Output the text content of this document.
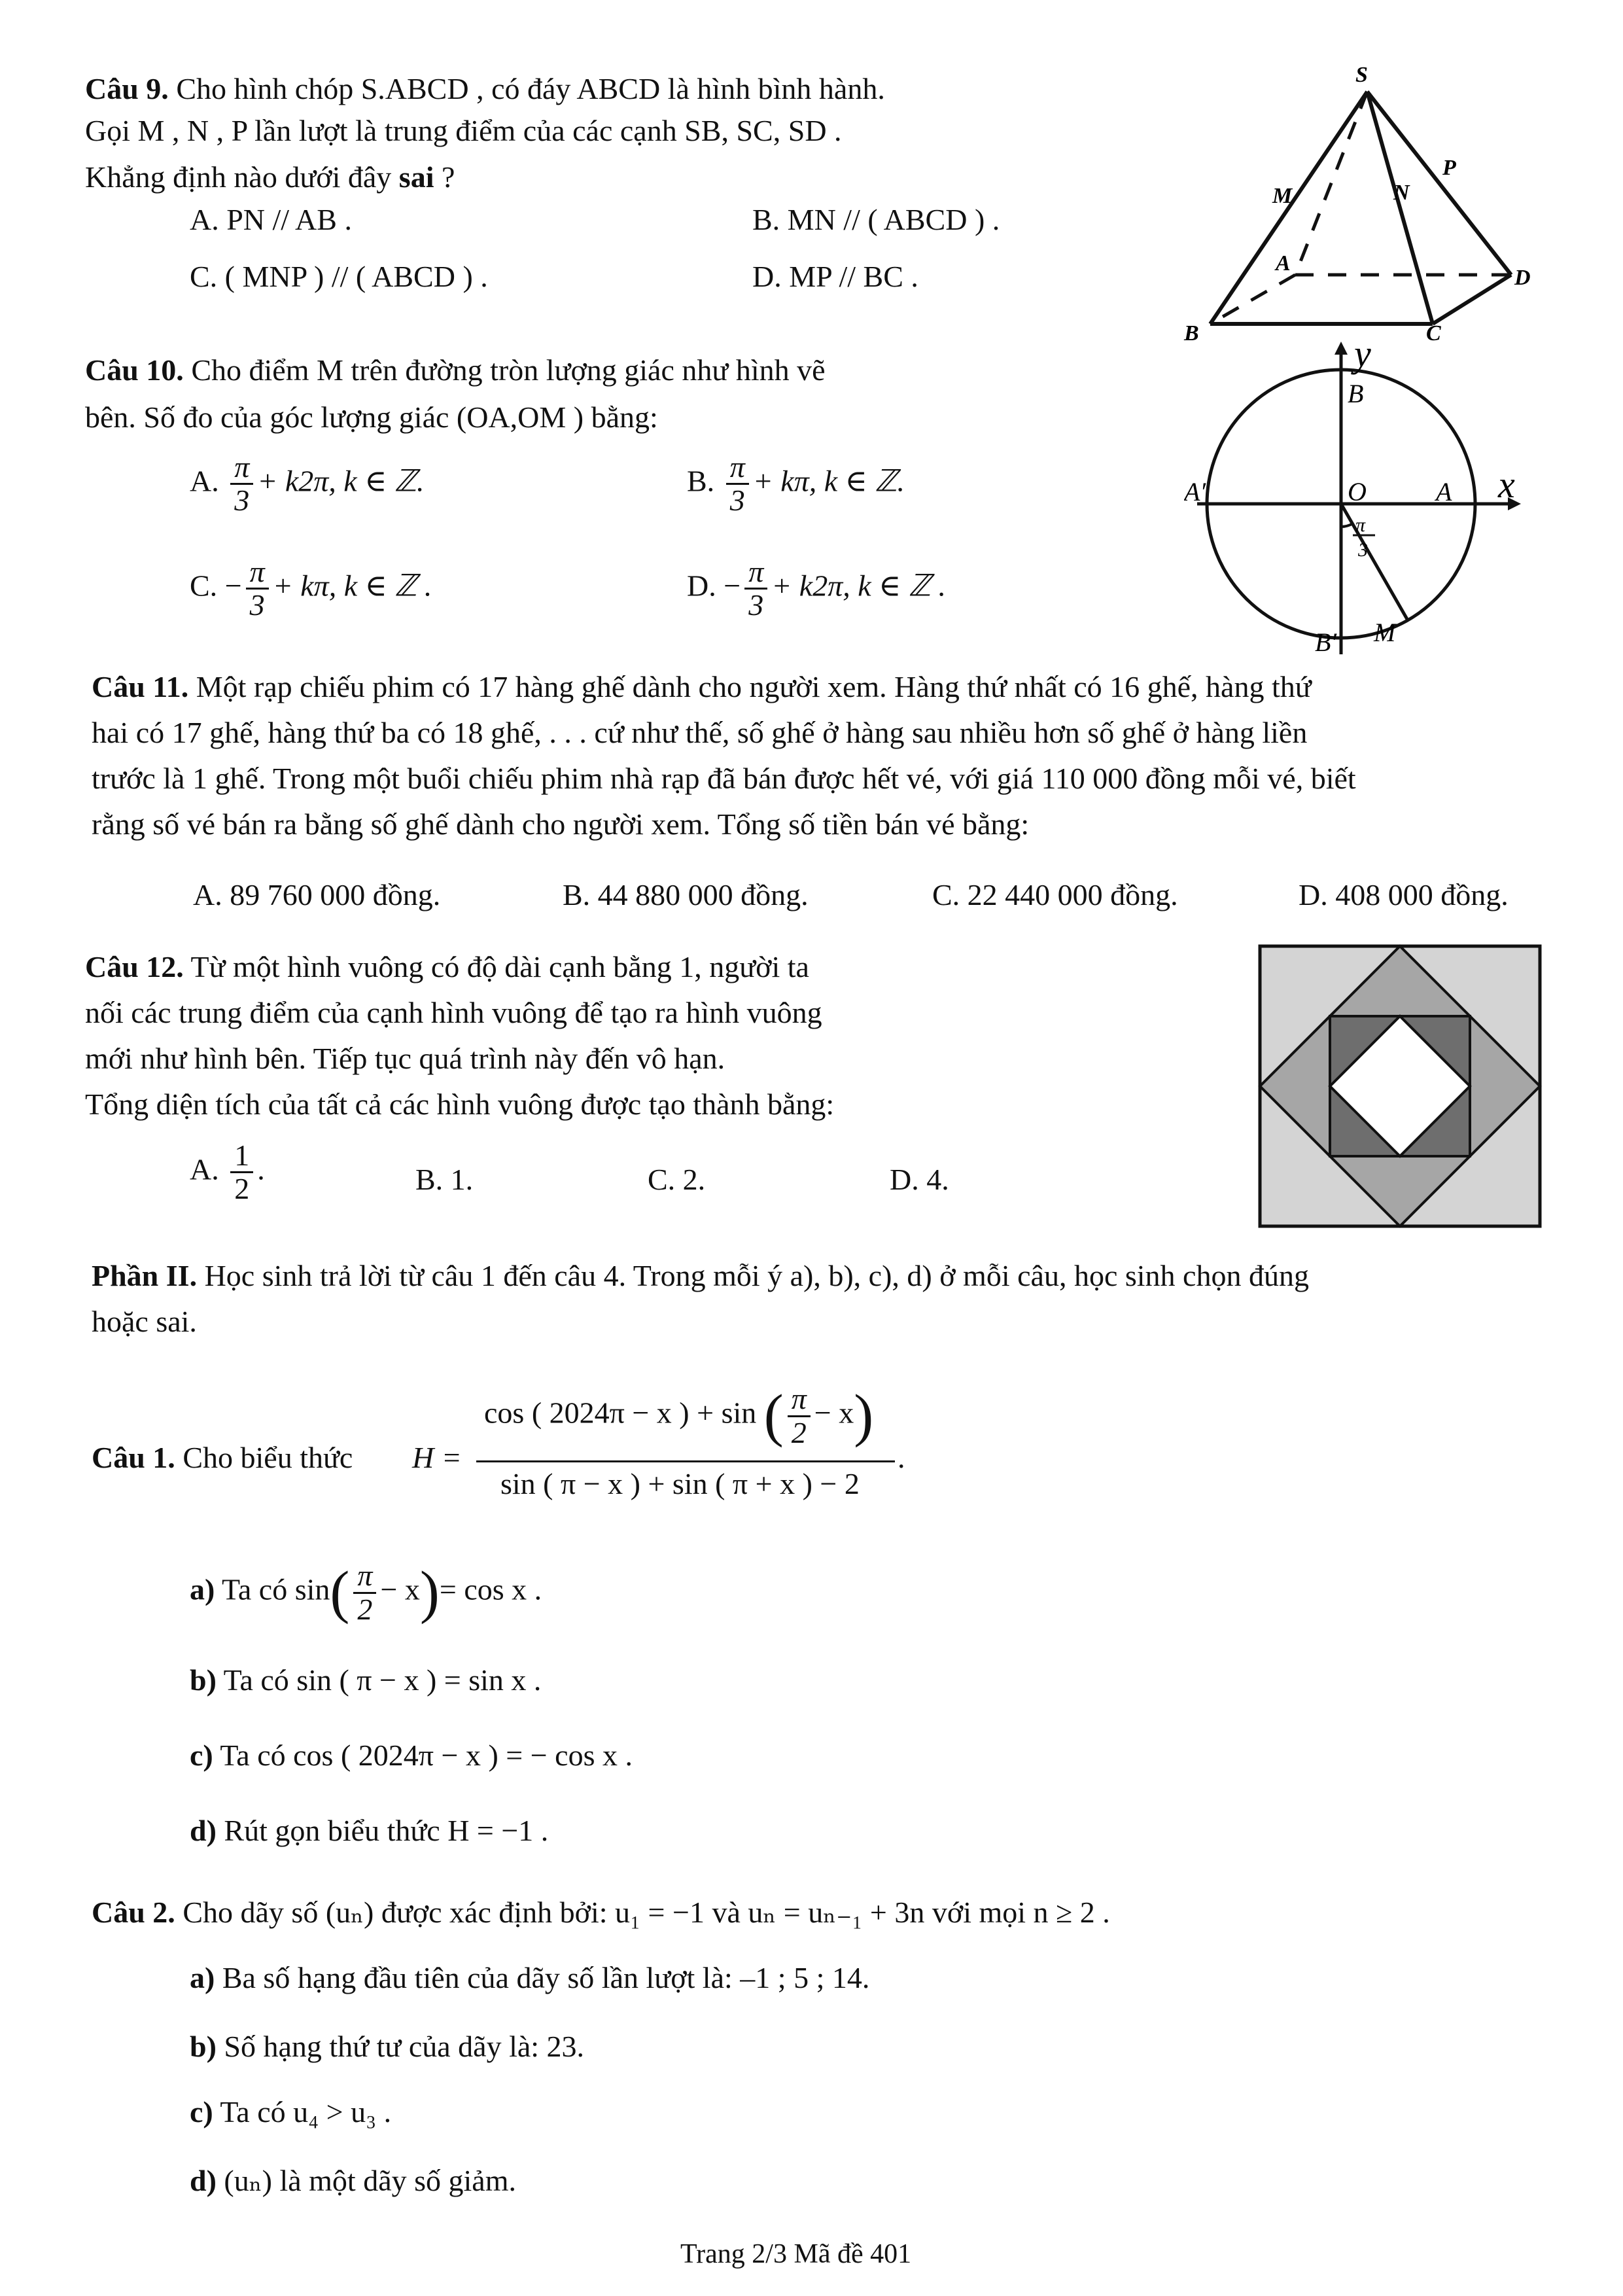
Câu 9. Cho hình chóp S.ABCD , có đáy ABCD là hình bình hành.
Gọi M , N , P lần lượt là trung điểm của các cạnh SB, SC, SD .
Khẳng định nào dưới đây sai ?
A. PN // AB .	B. MN // ( ABCD ) .
C. ( MNP ) // ( ABCD ) .	D. MP // BC .
S
M	N
P
A
D
B	C
Câu 10. Cho điểm M trên đường tròn lượng giác như hình vẽ
bên. Số đo của góc lượng giác (OA,OM ) bằng:
A. $\frac{\pi}{3} + k2\pi$, k ∈ ℤ.	B. $\frac{\pi}{3} + k\pi$, k ∈ ℤ.
C. − $\frac{\pi}{3} + k\pi$, k ∈ ℤ .	D. − $\frac{\pi}{3} + k2\pi$, k ∈ ℤ .
y
x
B
A′	O	A
π
3
B′ M
Câu 11. Một rạp chiếu phim có 17 hàng ghế dành cho người xem. Hàng thứ nhất có 16 ghế, hàng thứ
hai có 17 ghế, hàng thứ ba có 18 ghế, . . . cứ như thế, số ghế ở hàng sau nhiều hơn số ghế ở hàng liền
trước là 1 ghế. Trong một buổi chiếu phim nhà rạp đã bán được hết vé, với giá 110 000 đồng mỗi vé, biết
rằng số vé bán ra bằng số ghế dành cho người xem. Tổng số tiền bán vé bằng:
A. 89 760 000 đồng.	B. 44 880 000 đồng.	C. 22 440 000 đồng.	D. 408 000 đồng.
Câu 12. Từ một hình vuông có độ dài cạnh bằng 1, người ta
nối các trung điểm của cạnh hình vuông để tạo ra hình vuông
mới như hình bên. Tiếp tục quá trình này đến vô hạn.
Tổng diện tích của tất cả các hình vuông được tạo thành bằng:
A. $\frac{1}{2}$ .	B. 1.	C. 2.	D. 4.
Phần II. Học sinh trả lời từ câu 1 đến câu 4. Trong mỗi ý a), b), c), d) ở mỗi câu, học sinh chọn đúng
hoặc sai.
Câu 1. Cho biểu thức H =
cos ( 2024π − x ) + sin ( $\frac{\pi}{2} - x$)
sin ( π − x ) + sin ( π + x ) − 2
.
a) Ta có $\sin( \frac{\pi}{2} - x)= \cos x$ .
b) Ta có sin ( π − x ) = sin x .
c) Ta có cos ( 2024π − x ) = − cos x .
d) Rút gọn biểu thức H = −1 .
Câu 2. Cho dãy số (uₙ) được xác định bởi: u₁ = −1 và uₙ = uₙ₋₁ + 3n với mọi n ≥ 2 .
a) Ba số hạng đầu tiên của dãy số lần lượt là: –1 ; 5 ; 14.
b) Số hạng thứ tư của dãy là: 23.
c) Ta có u₄ > u₃ .
d) (uₙ) là một dãy số giảm.
Trang 2/3 Mã đề 401
